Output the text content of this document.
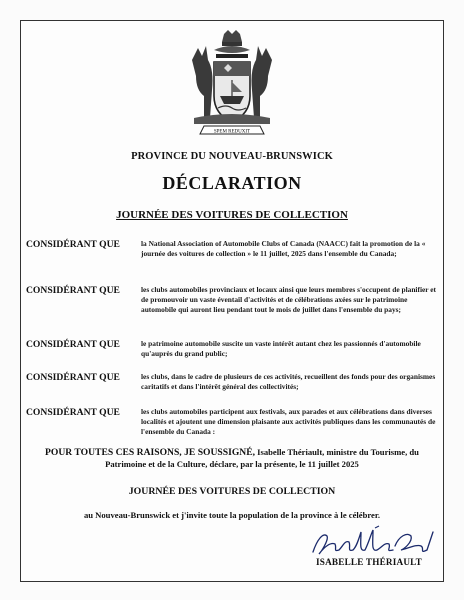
SPEM REDUXIT
PROVINCE DU NOUVEAU-BRUNSWICK
DÉCLARATION
JOURNÉE DES VOITURES DE COLLECTION
CONSIDÉRANT QUE	la National Association of Automobile Clubs of Canada (NAACC) fait la promotion de la « journée des voitures de collection » le 11 juillet, 2025 dans l'ensemble du Canada;
CONSIDÉRANT QUE	les clubs automobiles provinciaux et locaux ainsi que leurs membres s'occupent de planifier et de promouvoir un vaste éventail d'activités et de célébrations axées sur le patrimoine automobile qui auront lieu pendant tout le mois de juillet dans l'ensemble du pays;
CONSIDÉRANT QUE	le patrimoine automobile suscite un vaste intérêt autant chez les passionnés d'automobile qu'auprès du grand public;
CONSIDÉRANT QUE	les clubs, dans le cadre de plusieurs de ces activités, recueillent des fonds pour des organismes caritatifs et dans l'intérêt général des collectivités;
CONSIDÉRANT QUE	les clubs automobiles participent aux festivals, aux parades et aux célébrations dans diverses localités et ajoutent une dimension plaisante aux activités publiques dans les communautés de l'ensemble du Canada :
POUR TOUTES CES RAISONS, JE SOUSSIGNÉ, Isabelle Thériault, ministre du Tourisme, du Patrimoine et de la Culture, déclare, par la présente, le 11 juillet 2025
JOURNÉE DES VOITURES DE COLLECTION
au Nouveau-Brunswick et j'invite toute la population de la province à le célébrer.
ISABELLE THÉRIAULT
